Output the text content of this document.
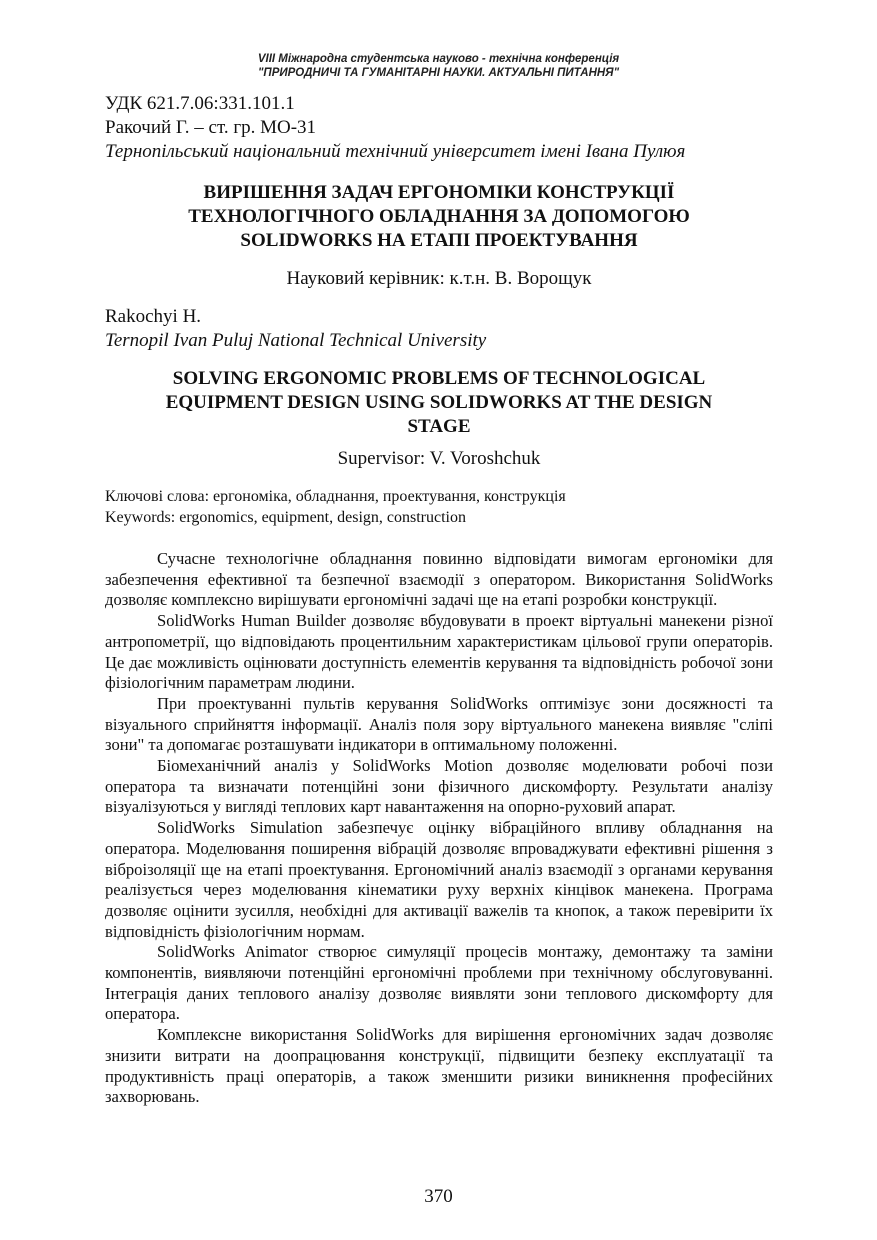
VIII Міжнародна студентська науково - технічна конференція
"ПРИРОДНИЧІ ТА ГУМАНІТАРНІ НАУКИ. АКТУАЛЬНІ ПИТАННЯ"
УДК 621.7.06:331.101.1
Ракочий Г. – ст. гр. МО-31
Тернопільський національний технічний університет імені Івана Пулюя
ВИРІШЕННЯ ЗАДАЧ ЕРГОНОМІКИ КОНСТРУКЦІЇ ТЕХНОЛОГІЧНОГО ОБЛАДНАННЯ ЗА ДОПОМОГОЮ SOLIDWORKS НА ЕТАПІ ПРОЕКТУВАННЯ
Науковий керівник: к.т.н. В. Ворощук
Rakochyi H.
Ternopil Ivan Puluj National Technical University
SOLVING ERGONOMIC PROBLEMS OF TECHNOLOGICAL EQUIPMENT DESIGN USING SOLIDWORKS AT THE DESIGN STAGE
Supervisor: V. Voroshchuk
Ключові слова: ергономіка, обладнання, проектування, конструкція
Keywords: ergonomics, equipment, design, construction

Сучасне технологічне обладнання повинно відповідати вимогам ергономіки для забезпечення ефективної та безпечної взаємодії з оператором. Використання SolidWorks дозволяє комплексно вирішувати ергономічні задачі ще на етапі розробки конструкції.

SolidWorks Human Builder дозволяє вбудовувати в проект віртуальні манекени різної антропометрії, що відповідають процентильним характеристикам цільової групи операторів. Це дає можливість оцінювати доступність елементів керування та відповідність робочої зони фізіологічним параметрам людини.

При проектуванні пультів керування SolidWorks оптимізує зони досяжності та візуального сприйняття інформації. Аналіз поля зору віртуального манекена виявляє "сліпі зони" та допомагає розташувати індикатори в оптимальному положенні.

Біомеханічний аналіз у SolidWorks Motion дозволяє моделювати робочі пози оператора та визначати потенційні зони фізичного дискомфорту. Результати аналізу візуалізуються у вигляді теплових карт навантаження на опорно-руховий апарат.

SolidWorks Simulation забезпечує оцінку вібраційного впливу обладнання на оператора. Моделювання поширення вібрацій дозволяє впроваджувати ефективні рішення з віброізоляції ще на етапі проектування. Ергономічний аналіз взаємодії з органами керування реалізується через моделювання кінематики руху верхніх кінцівок манекена. Програма дозволяє оцінити зусилля, необхідні для активації важелів та кнопок, а також перевірити їх відповідність фізіологічним нормам.

SolidWorks Animator створює симуляції процесів монтажу, демонтажу та заміни компонентів, виявляючи потенційні ергономічні проблеми при технічному обслуговуванні. Інтеграція даних теплового аналізу дозволяє виявляти зони теплового дискомфорту для оператора.

Комплексне використання SolidWorks для вирішення ергономічних задач дозволяє знизити витрати на доопрацювання конструкції, підвищити безпеку експлуатації та продуктивність праці операторів, а також зменшити ризики виникнення професійних захворювань.

370
